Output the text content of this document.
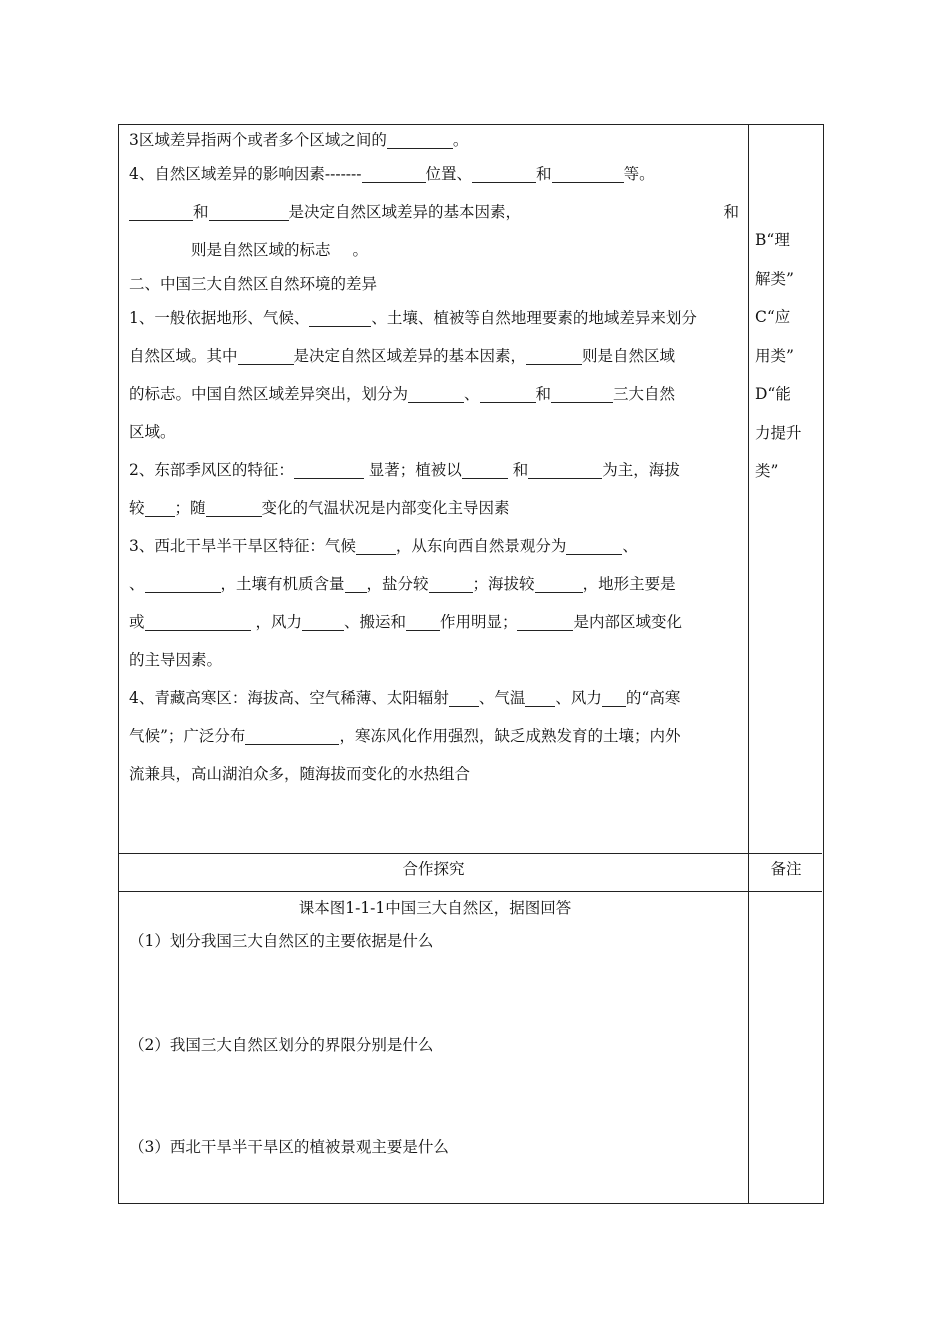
3区域差异指两个或者多个区域之间的	。
4、自然区域差异的影响因素-------	位置、	和	等。
和	是决定自然区域差异的基本因素，	和
则是自然区域的标志 。
二、中国三大自然区自然环境的差异
1、一般依据地形、气候、	、土壤、植被等自然地理要素的地域差异来划分
自然区域。其中	是决定自然区域差异的基本因素，	则是自然区域
的标志。中国自然区域差异突出，划分为	、	和	三大自然
区域。
2、东部季风区的特征：	显著；植被以	和	为主，海拔
较 ；随	变化的气温状况是内部变化主导因素
3、西北干旱半干旱区特征：气候	，从东向西自然景观分为	、
、	，土壤有机质含量 ，盐分较	；海拔较	，地形主要是
或	，风力	、搬运和 作用明显；	是内部区域变化
的主导因素。
4、青藏高寒区：海拔高、空气稀薄、太阳辐射 、气温 、风力 的“高寒
气候”；广泛分布	，寒冻风化作用强烈，缺乏成熟发育的土壤；内外
流兼具，高山湖泊众多，随海拔而变化的水热组合
B“理
解类”
C“应
用类”
D“能
力提升
类”
合作探究	备注
课本图1-1-1中国三大自然区，据图回答
（1）划分我国三大自然区的主要依据是什么
（2）我国三大自然区划分的界限分别是什么
（3）西北干旱半干旱区的植被景观主要是什么
